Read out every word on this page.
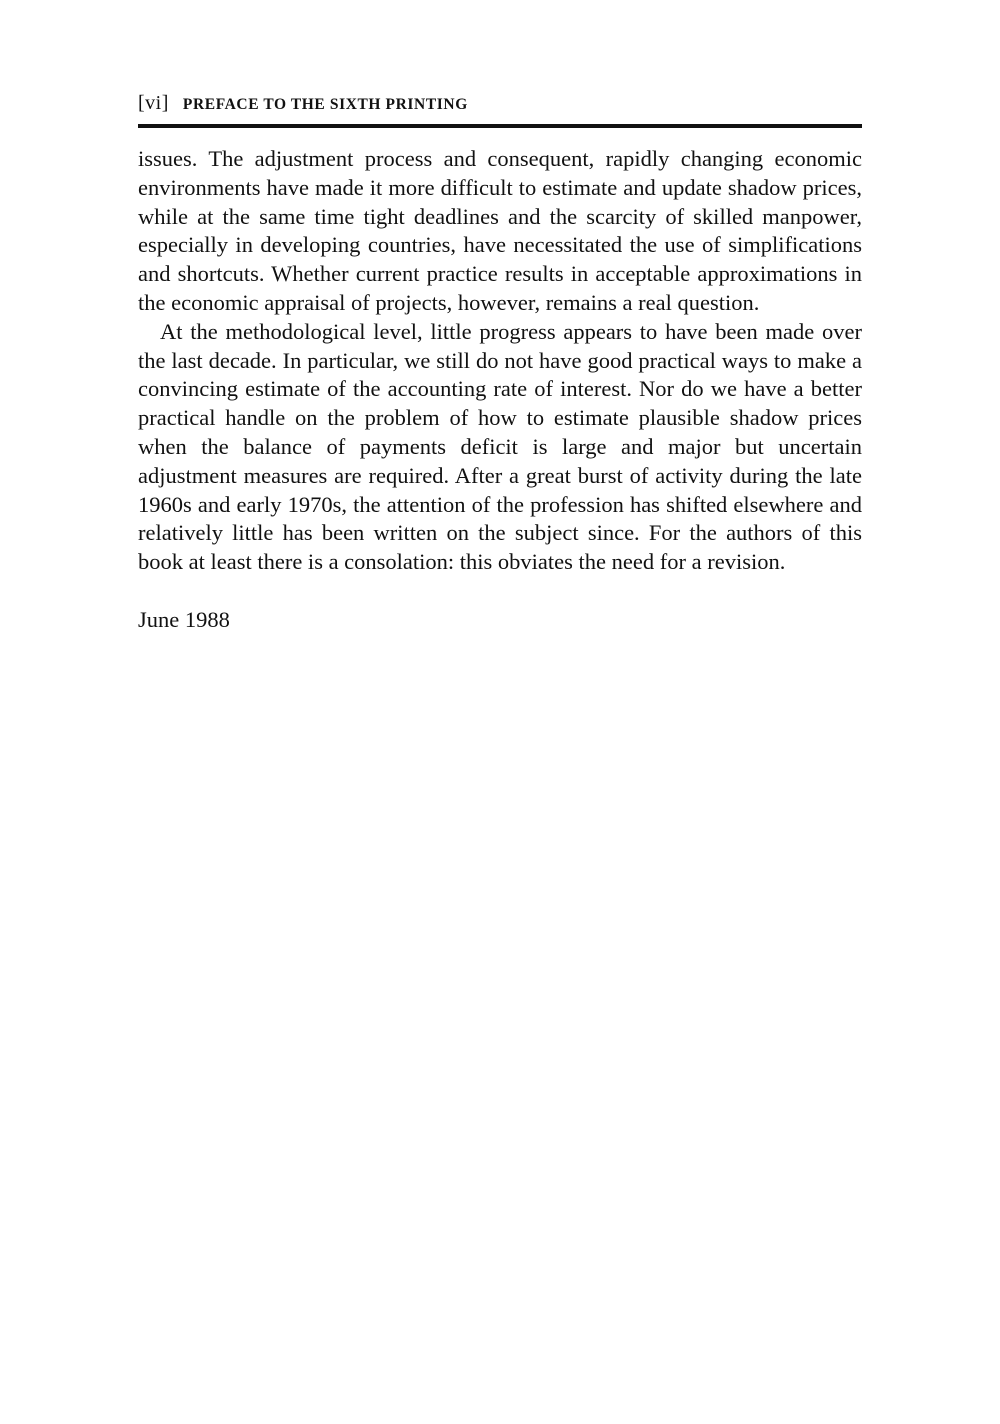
[vi] PREFACE TO THE SIXTH PRINTING

issues. The adjustment process and consequent, rapidly changing economic environments have made it more difficult to estimate and update shadow prices, while at the same time tight deadlines and the scarcity of skilled manpower, especially in developing countries, have necessitated the use of simplifications and shortcuts. Whether current practice results in acceptable approximations in the economic appraisal of projects, however, remains a real question.

At the methodological level, little progress appears to have been made over the last decade. In particular, we still do not have good practical ways to make a convincing estimate of the accounting rate of interest. Nor do we have a better practical handle on the problem of how to estimate plausible shadow prices when the balance of payments deficit is large and major but uncertain adjustment measures are required. After a great burst of activity during the late 1960s and early 1970s, the attention of the profession has shifted elsewhere and relatively little has been written on the subject since. For the authors of this book at least there is a consolation: this obviates the need for a revision.

June 1988
